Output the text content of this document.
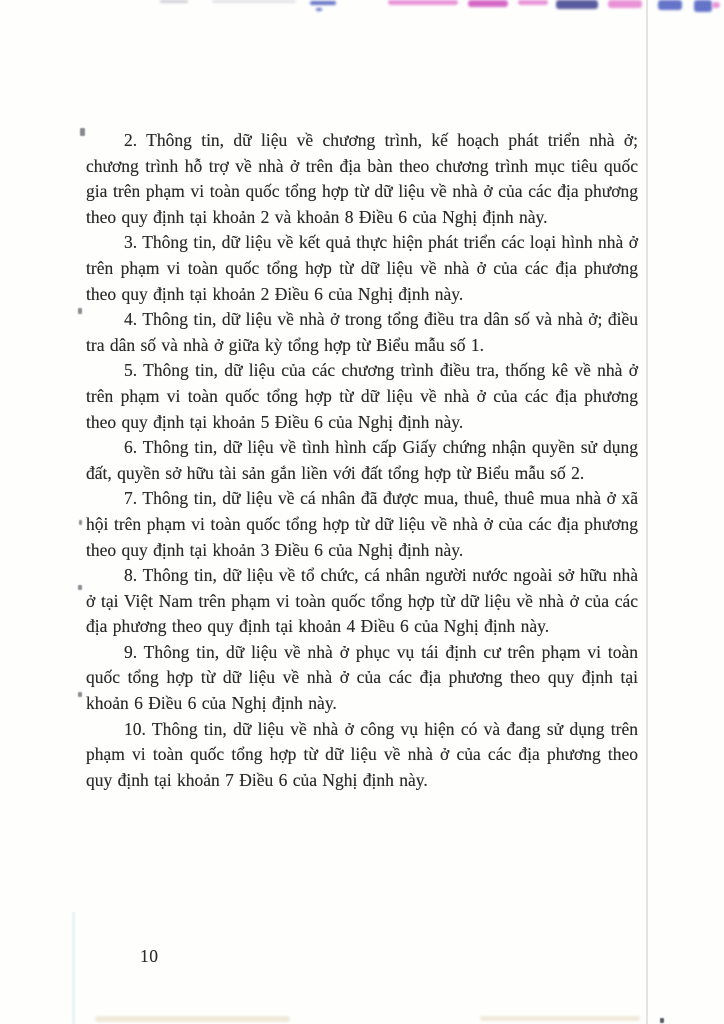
2. Thông tin, dữ liệu về chương trình, kế hoạch phát triển nhà ở; chương trình hỗ trợ về nhà ở trên địa bàn theo chương trình mục tiêu quốc gia trên phạm vi toàn quốc tổng hợp từ dữ liệu về nhà ở của các địa phương theo quy định tại khoản 2 và khoản 8 Điều 6 của Nghị định này.

3. Thông tin, dữ liệu về kết quả thực hiện phát triển các loại hình nhà ở trên phạm vi toàn quốc tổng hợp từ dữ liệu về nhà ở của các địa phương theo quy định tại khoản 2 Điều 6 của Nghị định này.

4. Thông tin, dữ liệu về nhà ở trong tổng điều tra dân số và nhà ở; điều tra dân số và nhà ở giữa kỳ tổng hợp từ Biểu mẫu số 1.

5. Thông tin, dữ liệu của các chương trình điều tra, thống kê về nhà ở trên phạm vi toàn quốc tổng hợp từ dữ liệu về nhà ở của các địa phương theo quy định tại khoản 5 Điều 6 của Nghị định này.

6. Thông tin, dữ liệu về tình hình cấp Giấy chứng nhận quyền sử dụng đất, quyền sở hữu tài sản gắn liền với đất tổng hợp từ Biểu mẫu số 2.

7. Thông tin, dữ liệu về cá nhân đã được mua, thuê, thuê mua nhà ở xã hội trên phạm vi toàn quốc tổng hợp từ dữ liệu về nhà ở của các địa phương theo quy định tại khoản 3 Điều 6 của Nghị định này.

8. Thông tin, dữ liệu về tổ chức, cá nhân người nước ngoài sở hữu nhà ở tại Việt Nam trên phạm vi toàn quốc tổng hợp từ dữ liệu về nhà ở của các địa phương theo quy định tại khoản 4 Điều 6 của Nghị định này.

9. Thông tin, dữ liệu về nhà ở phục vụ tái định cư trên phạm vi toàn quốc tổng hợp từ dữ liệu về nhà ở của các địa phương theo quy định tại khoản 6 Điều 6 của Nghị định này.

10. Thông tin, dữ liệu về nhà ở công vụ hiện có và đang sử dụng trên phạm vi toàn quốc tổng hợp từ dữ liệu về nhà ở của các địa phương theo quy định tại khoản 7 Điều 6 của Nghị định này.

10
